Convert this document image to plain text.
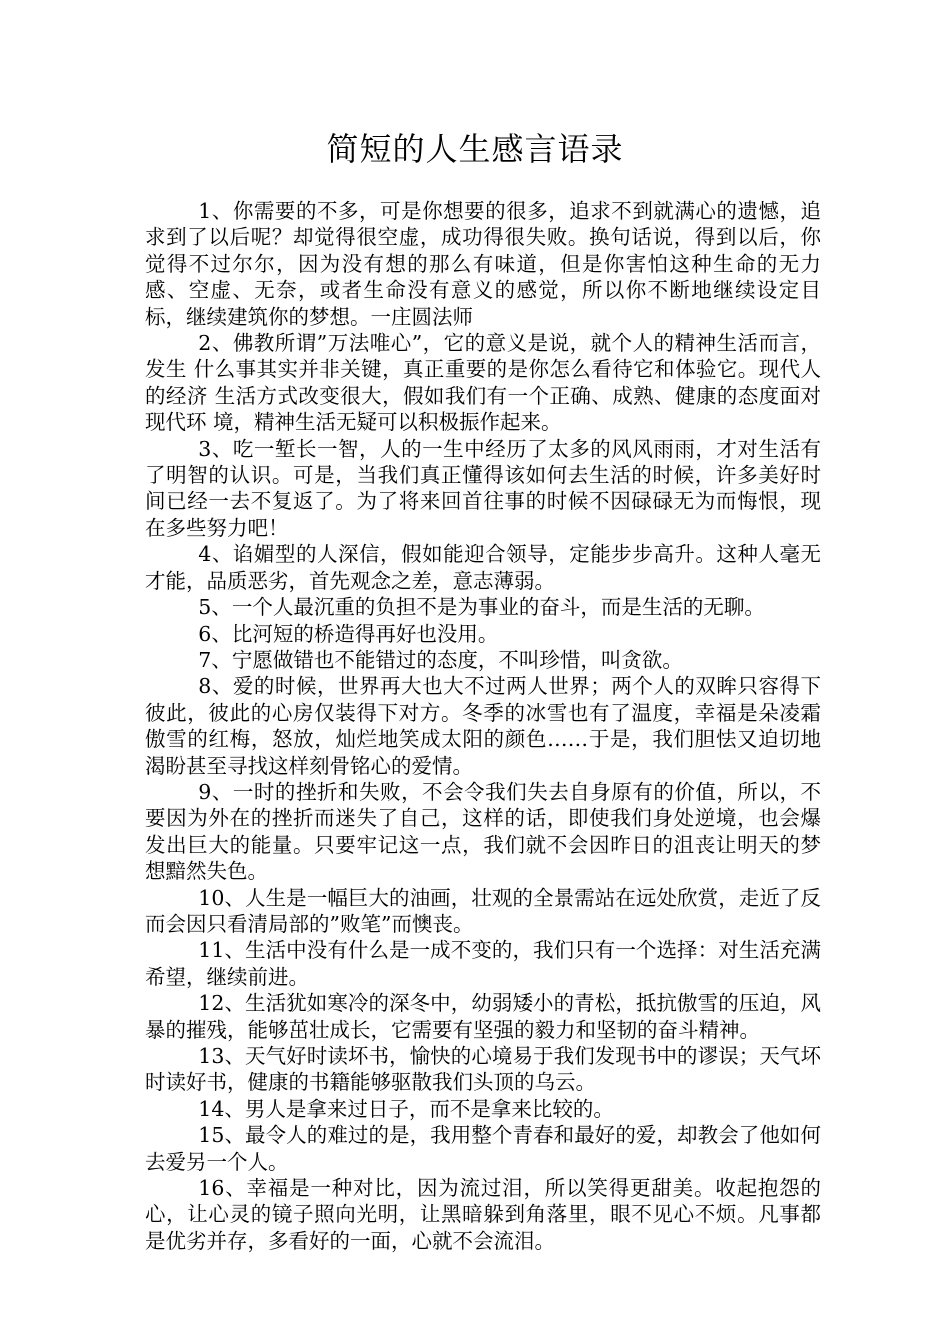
简短的人生感言语录

1、你需要的不多，可是你想要的很多，追求不到就满心的遗憾，追求到了以后呢？却觉得很空虚，成功得很失败。换句话说，得到以后，你觉得不过尔尔，因为没有想的那么有味道，但是你害怕这种生命的无力感、空虚、无奈，或者生命没有意义的感觉，所以你不断地继续设定目标，继续建筑你的梦想。一庄圆法师

2、佛教所谓”万法唯心”，它的意义是说，就个人的精神生活而言，发生 什么事其实并非关键，真正重要的是你怎么看待它和体验它。现代人的经济 生活方式改变很大，假如我们有一个正确、成熟、健康的态度面对现代环 境，精神生活无疑可以积极振作起来。

3、吃一堑长一智，人的一生中经历了太多的风风雨雨，才对生活有了明智的认识。可是，当我们真正懂得该如何去生活的时候，许多美好时间已经一去不复返了。为了将来回首往事的时候不因碌碌无为而悔恨，现在多些努力吧！

4、谄媚型的人深信，假如能迎合领导，定能步步高升。这种人毫无才能，品质恶劣，首先观念之差，意志薄弱。

5、一个人最沉重的负担不是为事业的奋斗，而是生活的无聊。

6、比河短的桥造得再好也没用。

7、宁愿做错也不能错过的态度，不叫珍惜，叫贪欲。

8、爱的时候，世界再大也大不过两人世界；两个人的双眸只容得下彼此，彼此的心房仅装得下对方。冬季的冰雪也有了温度，幸福是朵凌霜傲雪的红梅，怒放，灿烂地笑成太阳的颜色……于是，我们胆怯又迫切地渴盼甚至寻找这样刻骨铭心的爱情。

9、一时的挫折和失败，不会令我们失去自身原有的价值，所以，不要因为外在的挫折而迷失了自己，这样的话，即使我们身处逆境，也会爆发出巨大的能量。只要牢记这一点，我们就不会因昨日的沮丧让明天的梦想黯然失色。

10、人生是一幅巨大的油画，壮观的全景需站在远处欣赏，走近了反而会因只看清局部的”败笔”而懊丧。

11、生活中没有什么是一成不变的，我们只有一个选择：对生活充满希望，继续前进。

12、生活犹如寒冷的深冬中，幼弱矮小的青松，抵抗傲雪的压迫，风暴的摧残，能够茁壮成长，它需要有坚强的毅力和坚韧的奋斗精神。

13、天气好时读坏书，愉快的心境易于我们发现书中的谬误；天气坏时读好书，健康的书籍能够驱散我们头顶的乌云。

14、男人是拿来过日子，而不是拿来比较的。

15、最令人的难过的是，我用整个青春和最好的爱，却教会了他如何去爱另一个人。

16、幸福是一种对比，因为流过泪，所以笑得更甜美。收起抱怨的心，让心灵的镜子照向光明，让黑暗躲到角落里，眼不见心不烦。凡事都是优劣并存，多看好的一面，心就不会流泪。
